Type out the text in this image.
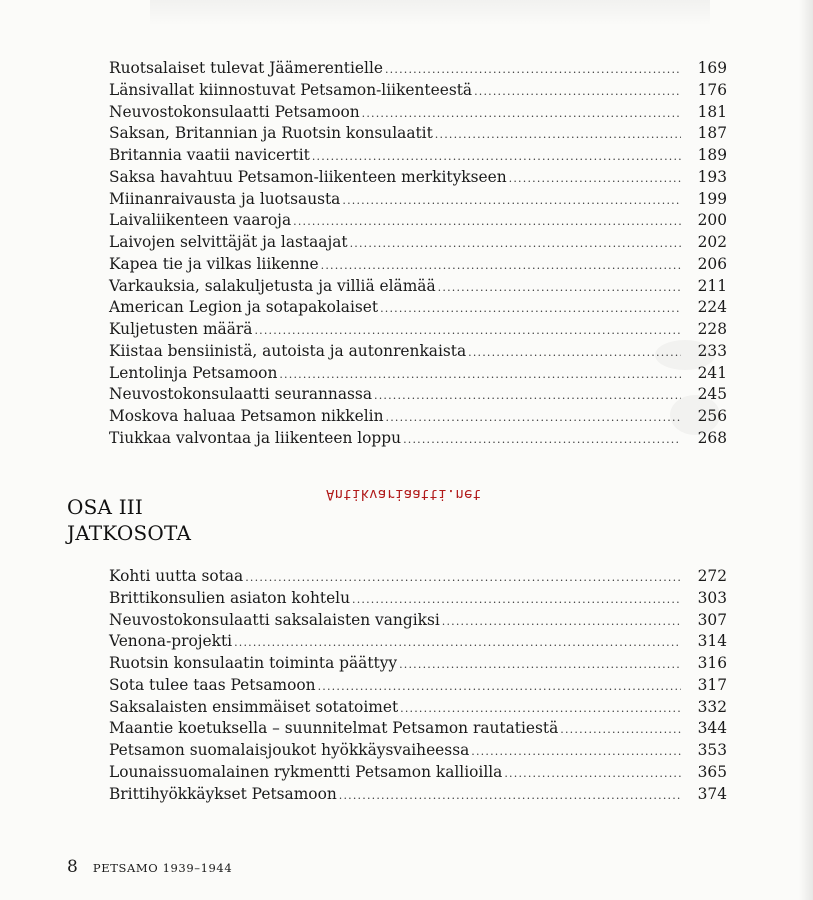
Ruotsalaiset tulevat Jäämerentielle .....	169
Länsivallat kiinnostuvat Petsamon-liikenteestä .....	176
Neuvostokonsulaatti Petsamoon .....	181
Saksan, Britannian ja Ruotsin konsulaatit .....	187
Britannia vaatii navicertit .....	189
Saksa havahtuu Petsamon-liikenteen merkitykseen .....	193
Miinanraivausta ja luotsausta .....	199
Laivaliikenteen vaaroja .....	200
Laivojen selvittäjät ja lastaajat .....	202
Kapea tie ja vilkas liikenne .....	206
Varkauksia, salakuljetusta ja villiä elämää .....	211
American Legion ja sotapakolaiset .....	224
Kuljetusten määrä .....	228
Kiistaa bensiinistä, autoista ja autonrenkaista .....	233
Lentolinja Petsamoon .....	241
Neuvostokonsulaatti seurannassa .....	245
Moskova haluaa Petsamon nikkelin .....	256
Tiukkaa valvontaa ja liikenteen loppu .....	268
OSA III
JATKOSOTA
Antikvariaatti.net
Kohti uutta sotaa .....	272
Brittikonsulien asiaton kohtelu .....	303
Neuvostokonsulaatti saksalaisten vangiksi .....	307
Venona-projekti .....	314
Ruotsin konsulaatin toiminta päättyy .....	316
Sota tulee taas Petsamoon .....	317
Saksalaisten ensimmäiset sotatoimet .....	332
Maantie koetuksella – suunnitelmat Petsamon rautatiestä .....	344
Petsamon suomalaisjoukot hyökkäysvaiheessa .....	353
Lounaissuomalainen rykmentti Petsamon kallioilla .....	365
Brittihyökkäykset Petsamoon .....	374
8 PETSAMO 1939–1944
